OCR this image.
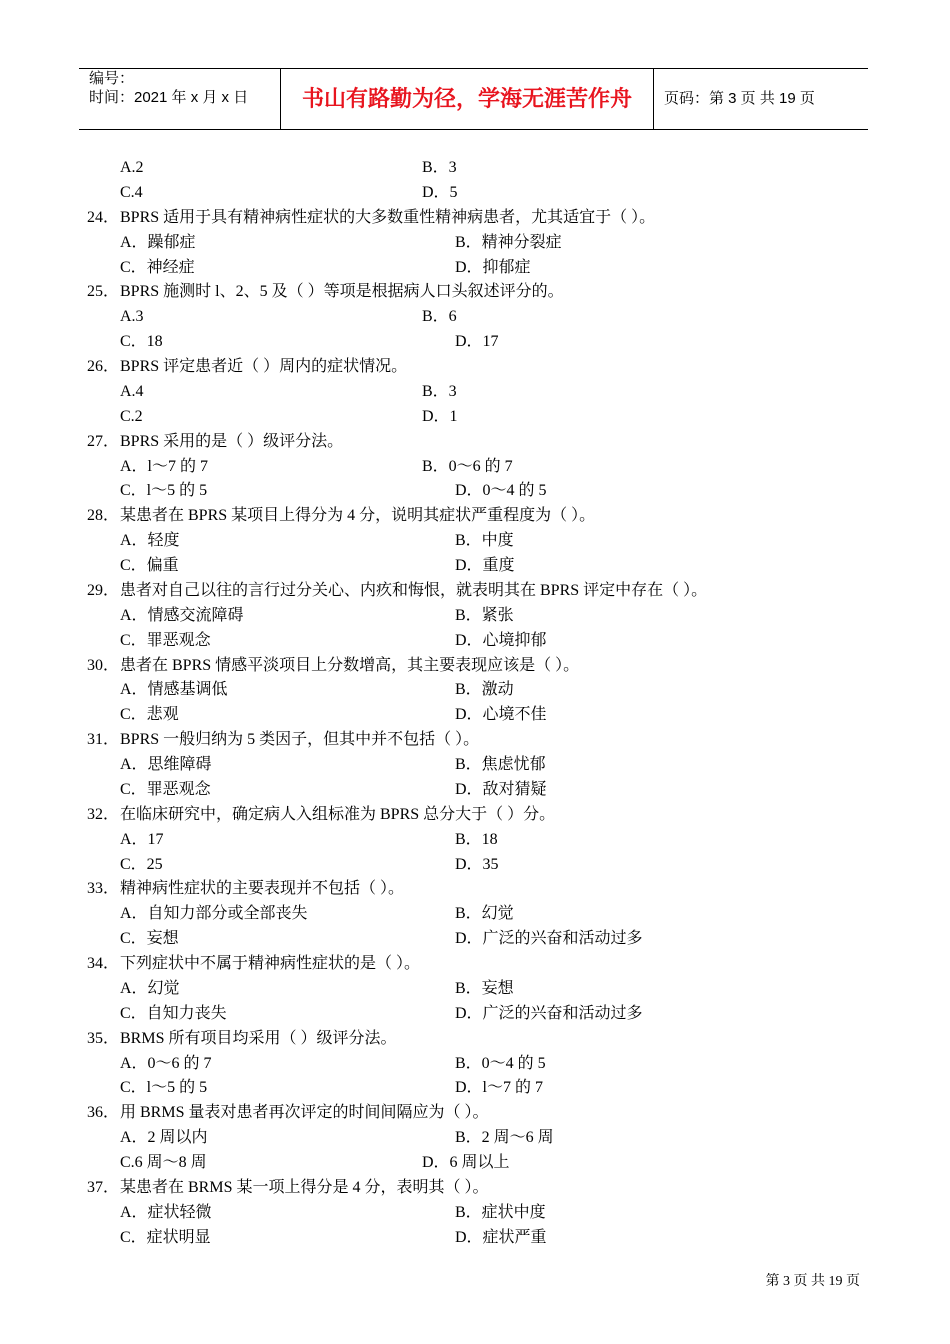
编号：
时间：2021 年 x 月 x 日	书山有路勤为径，学海无涯苦作舟	页码：第 3 页 共 19 页
A.2	B．3
C.4	D．5
24． BPRS 适用于具有精神病性症状的大多数重性精神病患者，尤其适宜于（ ）。
A．躁郁症	B．精神分裂症
C．神经症	D．抑郁症
25． BPRS 施测时 l、2、5 及（ ）等项是根据病人口头叙述评分的。
A.3	B．6
C．18	D．17
26． BPRS 评定患者近（ ）周内的症状情况。
A.4	B．3
C.2	D．1
27． BPRS 采用的是（ ）级评分法。
A．l～7 的 7	B．0～6 的 7
C．l～5 的 5	D．0～4 的 5
28． 某患者在 BPRS 某项目上得分为 4 分，说明其症状严重程度为（ ）。
A．轻度	B．中度
C．偏重	D．重度
29． 患者对自己以往的言行过分关心、内疚和悔恨，就表明其在 BPRS 评定中存在（ ）。
A．情感交流障碍	B．紧张
C．罪恶观念	D．心境抑郁
30． 患者在 BPRS 情感平淡项目上分数增高，其主要表现应该是（ ）。
A．情感基调低	B．激动
C．悲观	D．心境不佳
31． BPRS 一般归纳为 5 类因子，但其中并不包括（ ）。
A．思维障碍	B．焦虑忧郁
C．罪恶观念	D．敌对猜疑
32． 在临床研究中，确定病人入组标准为 BPRS 总分大于（ ）分。
A．17	B．18
C．25	D．35
33． 精神病性症状的主要表现并不包括（ ）。
A．自知力部分或全部丧失	B．幻觉
C．妄想	D．广泛的兴奋和活动过多
34． 下列症状中不属于精神病性症状的是（ ）。
A．幻觉	B．妄想
C．自知力丧失	D．广泛的兴奋和活动过多
35． BRMS 所有项目均采用（ ）级评分法。
A．0～6 的 7	B．0～4 的 5
C．l～5 的 5	D．l～7 的 7
36． 用 BRMS 量表对患者再次评定的时间间隔应为（ ）。
A．2 周以内	B．2 周～6 周
C.6 周～8 周	D．6 周以上
37． 某患者在 BRMS 某一项上得分是 4 分，表明其（ ）。
A．症状轻微	B．症状中度
C．症状明显	D．症状严重
第 3 页 共 19 页
